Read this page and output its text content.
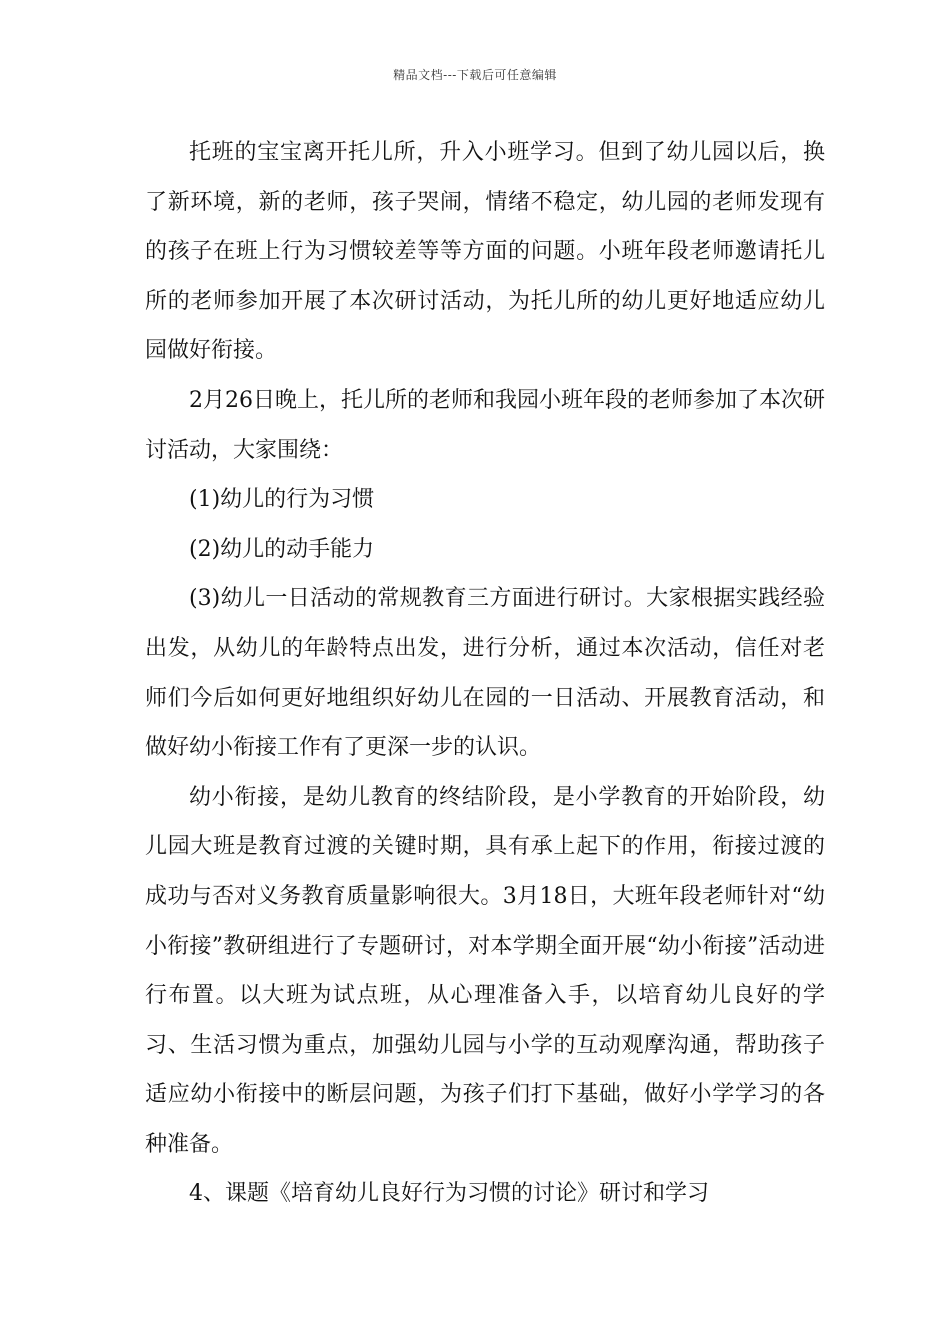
精品文档---下载后可任意编辑

托班的宝宝离开托儿所，升入小班学习。但到了幼儿园以后，换了新环境，新的老师，孩子哭闹，情绪不稳定，幼儿园的老师发现有的孩子在班上行为习惯较差等等方面的问题。小班年段老师邀请托儿所的老师参加开展了本次研讨活动，为托儿所的幼儿更好地适应幼儿园做好衔接。

2月26日晚上，托儿所的老师和我园小班年段的老师参加了本次研讨活动，大家围绕：

(1)幼儿的行为习惯

(2)幼儿的动手能力

(3)幼儿一日活动的常规教育三方面进行研讨。大家根据实践经验出发，从幼儿的年龄特点出发，进行分析，通过本次活动，信任对老师们今后如何更好地组织好幼儿在园的一日活动、开展教育活动，和做好幼小衔接工作有了更深一步的认识。

幼小衔接，是幼儿教育的终结阶段，是小学教育的开始阶段，幼儿园大班是教育过渡的关键时期，具有承上起下的作用，衔接过渡的成功与否对义务教育质量影响很大。3月18日，大班年段老师针对“幼小衔接”教研组进行了专题研讨，对本学期全面开展“幼小衔接”活动进行布置。以大班为试点班，从心理准备入手，以培育幼儿良好的学习、生活习惯为重点，加强幼儿园与小学的互动观摩沟通，帮助孩子适应幼小衔接中的断层问题，为孩子们打下基础，做好小学学习的各种准备。

4、课题《培育幼儿良好行为习惯的讨论》研讨和学习
